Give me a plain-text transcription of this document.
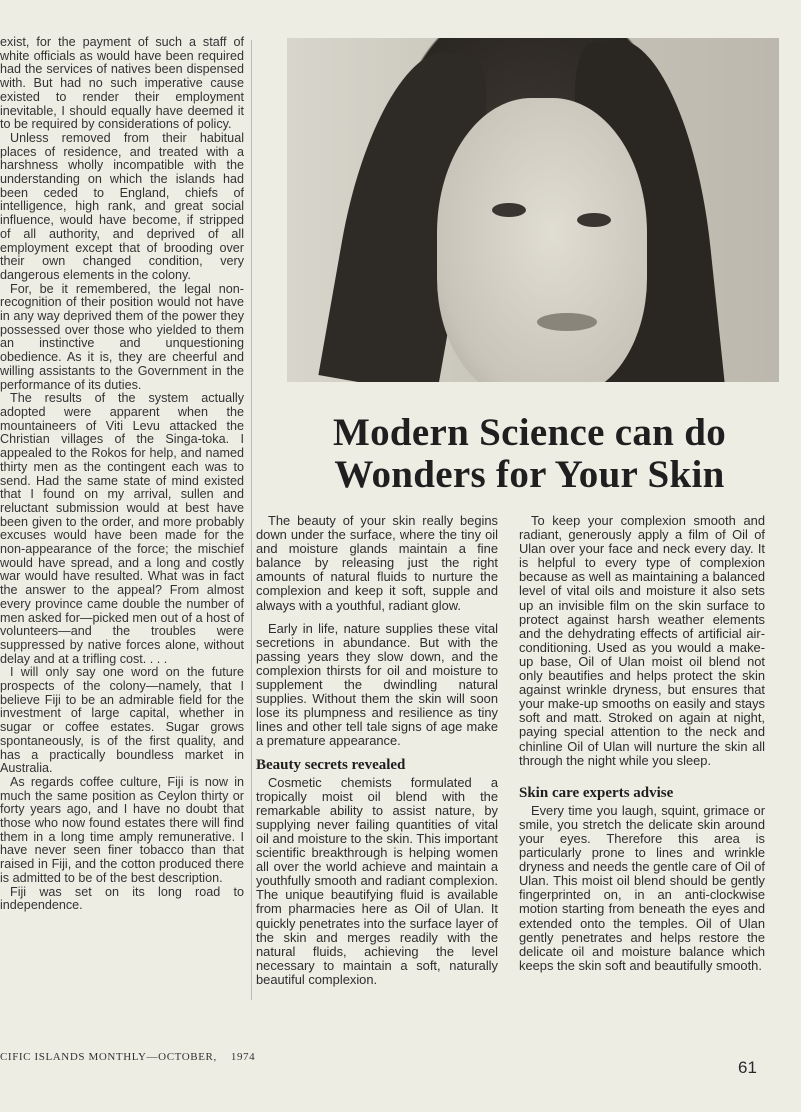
exist, for the payment of such a staff of white officials as would have been required had the services of natives been dispensed with. But had no such imperative cause existed to render their employment inevitable, I should equally have deemed it to be required by considerations of policy.

Unless removed from their habitual places of residence, and treated with a harshness wholly incompatible with the understanding on which the islands had been ceded to England, chiefs of intelligence, high rank, and great social influence, would have become, if stripped of all authority, and deprived of all employment except that of brooding over their own changed condition, very dangerous elements in the colony.

For, be it remembered, the legal non-recognition of their position would not have in any way deprived them of the power they possessed over those who yielded to them an instinctive and unquestioning obedience. As it is, they are cheerful and willing assistants to the Government in the performance of its duties.

The results of the system actually adopted were apparent when the mountaineers of Viti Levu attacked the Christian villages of the Singa-toka. I appealed to the Rokos for help, and named thirty men as the contingent each was to send. Had the same state of mind existed that I found on my arrival, sullen and reluctant submission would at best have been given to the order, and more probably excuses would have been made for the non-appearance of the force; the mischief would have spread, and a long and costly war would have resulted. What was in fact the answer to the appeal? From almost every province came double the number of men asked for—picked men out of a host of volunteers—and the troubles were suppressed by native forces alone, without delay and at a trifling cost. . . .

I will only say one word on the future prospects of the colony—namely, that I believe Fiji to be an admirable field for the investment of large capital, whether in sugar or coffee estates. Sugar grows spontaneously, is of the first quality, and has a practically boundless market in Australia.

As regards coffee culture, Fiji is now in much the same position as Ceylon thirty or forty years ago, and I have no doubt that those who now found estates there will find them in a long time amply remunerative. I have never seen finer tobacco than that raised in Fiji, and the cotton produced there is admitted to be of the best description.

Fiji was set on its long road to independence.

Modern Science can do
Wonders for Your Skin

The beauty of your skin really begins down under the surface, where the tiny oil and moisture glands maintain a fine balance by releasing just the right amounts of natural fluids to nurture the complexion and keep it soft, supple and always with a youthful, radiant glow.

Early in life, nature supplies these vital secretions in abundance. But with the passing years they slow down, and the complexion thirsts for oil and moisture to supplement the dwindling natural supplies. Without them the skin will soon lose its plumpness and resilience as tiny lines and other tell tale signs of age make a premature appearance.

Beauty secrets revealed

Cosmetic chemists formulated a tropically moist oil blend with the remarkable ability to assist nature, by supplying never failing quantities of vital oil and moisture to the skin. This important scientific breakthrough is helping women all over the world achieve and maintain a youthfully smooth and radiant complexion. The unique beautifying fluid is available from pharmacies here as Oil of Ulan. It quickly penetrates into the surface layer of the skin and merges readily with the natural fluids, achieving the level necessary to maintain a soft, naturally beautiful complexion.

To keep your complexion smooth and radiant, generously apply a film of Oil of Ulan over your face and neck every day. It is helpful to every type of complexion because as well as maintaining a balanced level of vital oils and moisture it also sets up an invisible film on the skin surface to protect against harsh weather elements and the dehydrating effects of artificial air-conditioning. Used as you would a make-up base, Oil of Ulan moist oil blend not only beautifies and helps protect the skin against wrinkle dryness, but ensures that your make-up smooths on easily and stays soft and matt. Stroked on again at night, paying special attention to the neck and chinline Oil of Ulan will nurture the skin all through the night while you sleep.

Skin care experts advise

Every time you laugh, squint, grimace or smile, you stretch the delicate skin around your eyes. Therefore this area is particularly prone to lines and wrinkle dryness and needs the gentle care of Oil of Ulan. This moist oil blend should be gently fingerprinted on, in an anti-clockwise motion starting from beneath the eyes and extended onto the temples. Oil of Ulan gently penetrates and helps restore the delicate oil and moisture balance which keeps the skin soft and beautifully smooth.

CIFIC ISLANDS MONTHLY—OCTOBER, 1974
61
